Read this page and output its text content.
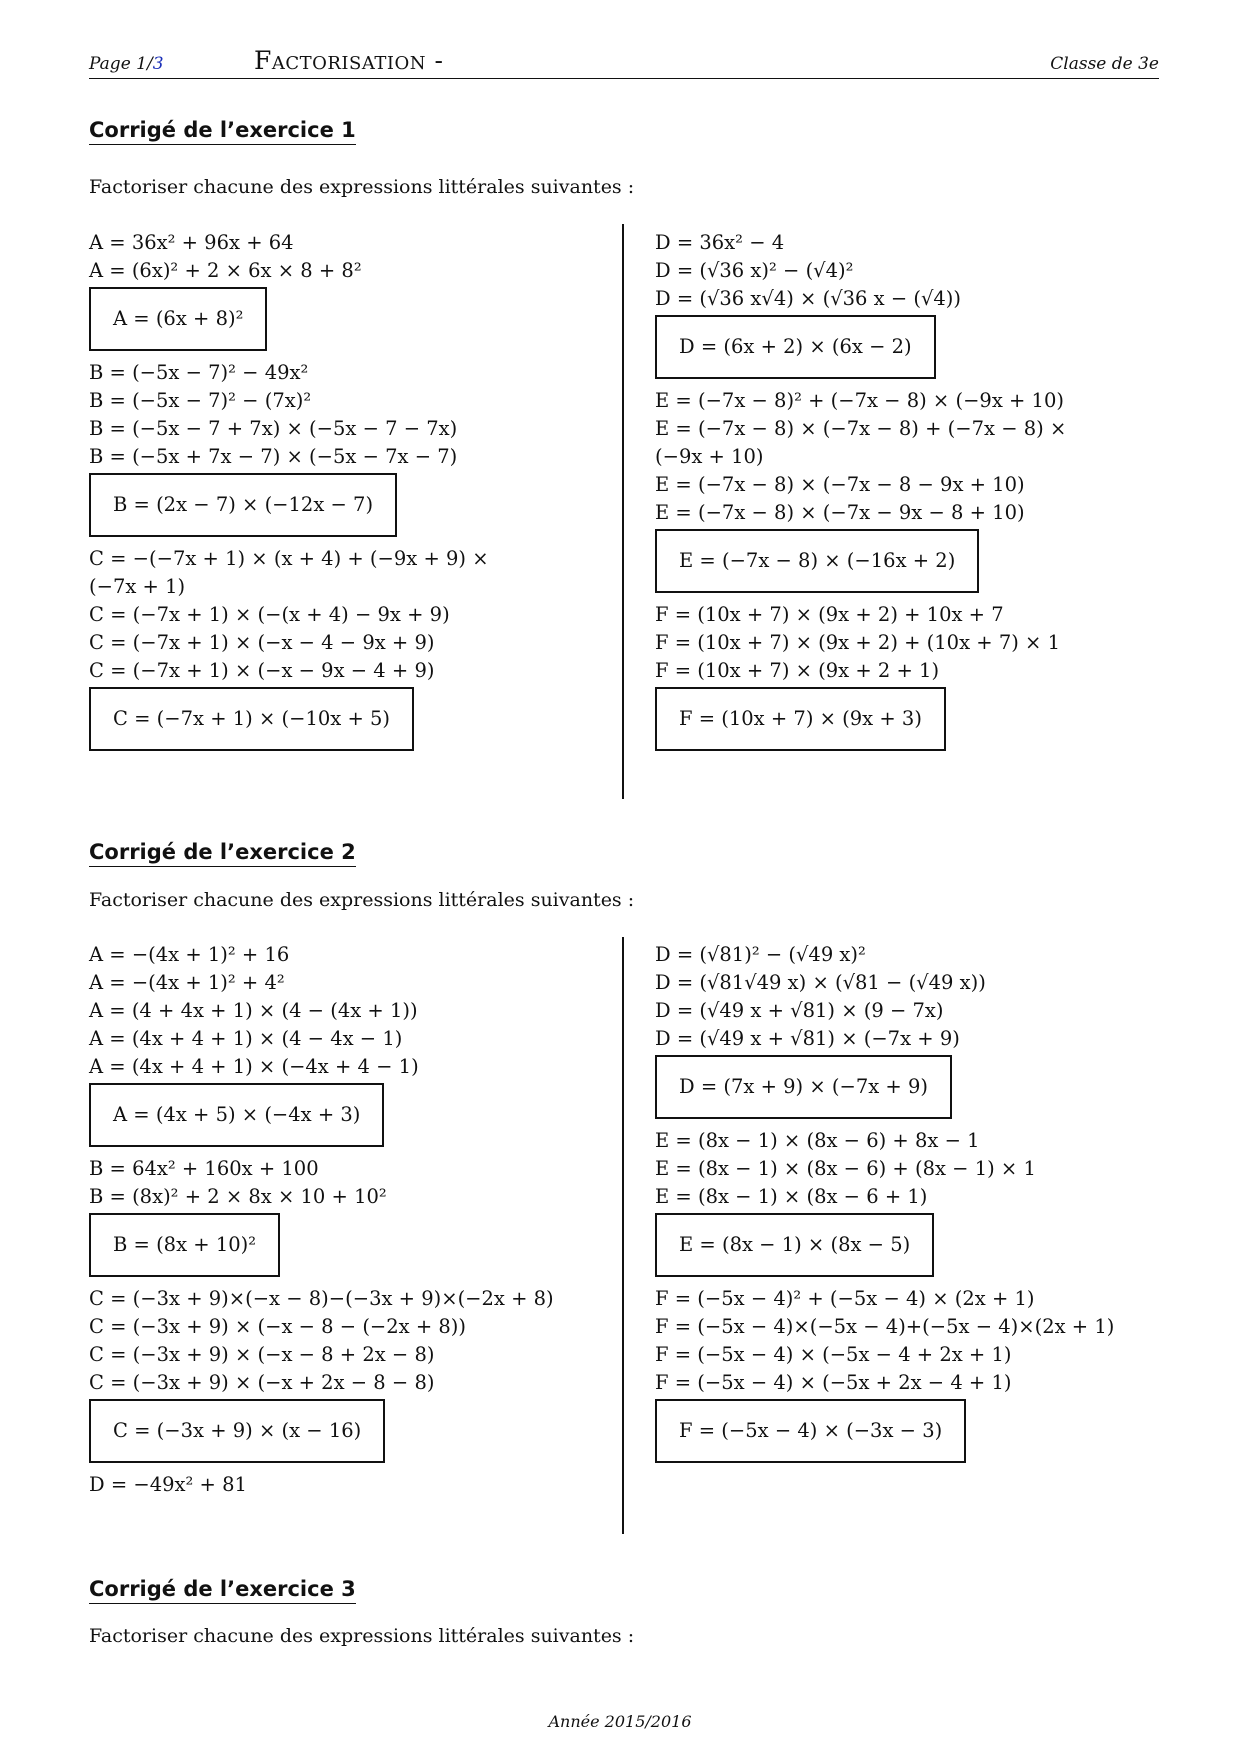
Page 1/3	Factorisation -	Classe de 3e
Corrigé de l’exercice 1
Factoriser chacune des expressions littérales suivantes :
A = 36x² + 96x + 64
A = (6x)² + 2 × 6x × 8 + 8²
A = (6x + 8)²

B = (−5x − 7)² − 49x²
B = (−5x − 7)² − (7x)²
B = (−5x − 7 + 7x) × (−5x − 7 − 7x)
B = (−5x + 7x − 7) × (−5x − 7x − 7)
B = (2x − 7) × (−12x − 7)

C = −(−7x + 1) × (x + 4) + (−9x + 9) ×
(−7x + 1)
C = (−7x + 1) × (−(x + 4) − 9x + 9)
C = (−7x + 1) × (−x − 4 − 9x + 9)
C = (−7x + 1) × (−x − 9x − 4 + 9)
C = (−7x + 1) × (−10x + 5)

D = 36x² − 4
D = (√36 x)² − (√4)²
D = (√36 x√4) × (√36 x − (√4))
D = (6x + 2) × (6x − 2)

E = (−7x − 8)² + (−7x − 8) × (−9x + 10)
E = (−7x − 8) × (−7x − 8) + (−7x − 8) ×
(−9x + 10)
E = (−7x − 8) × (−7x − 8 − 9x + 10)
E = (−7x − 8) × (−7x − 9x − 8 + 10)
E = (−7x − 8) × (−16x + 2)

F = (10x + 7) × (9x + 2) + 10x + 7
F = (10x + 7) × (9x + 2) + (10x + 7) × 1
F = (10x + 7) × (9x + 2 + 1)
F = (10x + 7) × (9x + 3)

Corrigé de l’exercice 2
Factoriser chacune des expressions littérales suivantes :
A = −(4x + 1)² + 16
A = −(4x + 1)² + 4²
A = (4 + 4x + 1) × (4 − (4x + 1))
A = (4x + 4 + 1) × (4 − 4x − 1)
A = (4x + 4 + 1) × (−4x + 4 − 1)
A = (4x + 5) × (−4x + 3)

B = 64x² + 160x + 100
B = (8x)² + 2 × 8x × 10 + 10²
B = (8x + 10)²

C = (−3x + 9)×(−x − 8)−(−3x + 9)×(−2x + 8)
C = (−3x + 9) × (−x − 8 − (−2x + 8))
C = (−3x + 9) × (−x − 8 + 2x − 8)
C = (−3x + 9) × (−x + 2x − 8 − 8)
C = (−3x + 9) × (x − 16)

D = −49x² + 81
D = (√81)² − (√49 x)²
D = (√81√49 x) × (√81 − (√49 x))
D = (√49 x + √81) × (9 − 7x)
D = (√49 x + √81) × (−7x + 9)
D = (7x + 9) × (−7x + 9)

E = (8x − 1) × (8x − 6) + 8x − 1
E = (8x − 1) × (8x − 6) + (8x − 1) × 1
E = (8x − 1) × (8x − 6 + 1)
E = (8x − 1) × (8x − 5)

F = (−5x − 4)² + (−5x − 4) × (2x + 1)
F = (−5x − 4)×(−5x − 4)+(−5x − 4)×(2x + 1)
F = (−5x − 4) × (−5x − 4 + 2x + 1)
F = (−5x − 4) × (−5x + 2x − 4 + 1)
F = (−5x − 4) × (−3x − 3)

Corrigé de l’exercice 3
Factoriser chacune des expressions littérales suivantes :
Année 2015/2016
